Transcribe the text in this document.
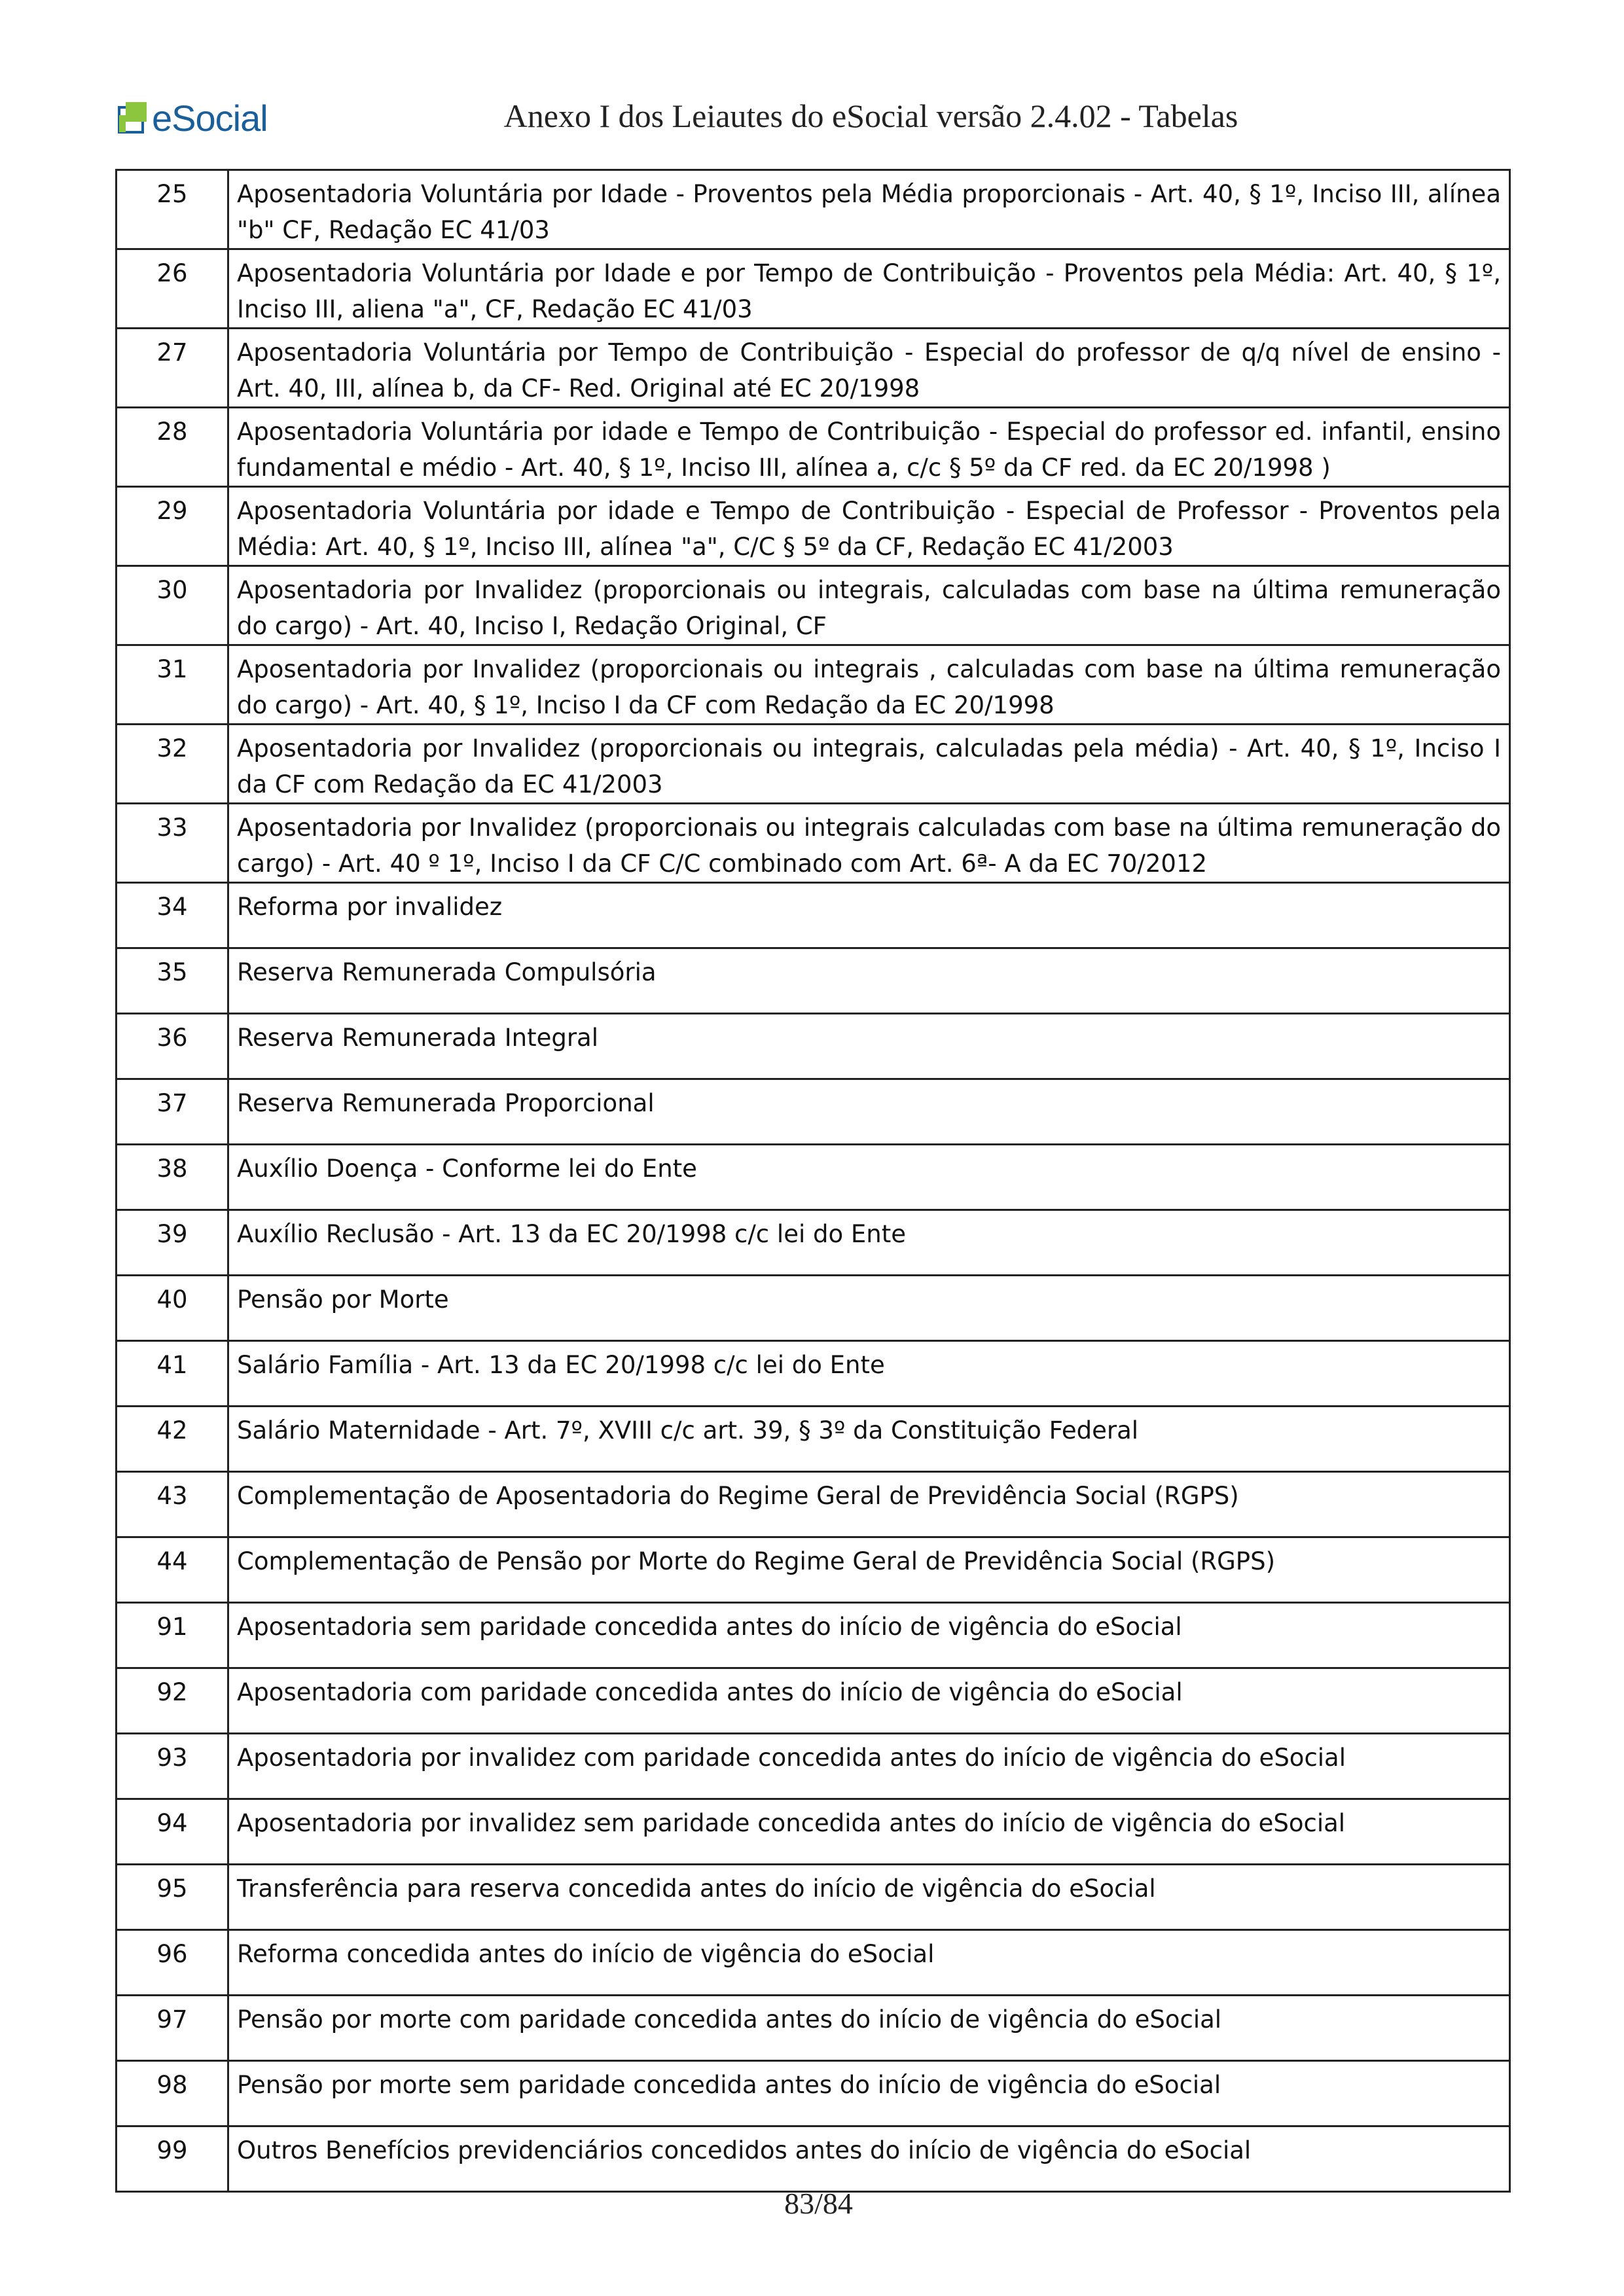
eSocial	Anexo I dos Leiautes do eSocial versão 2.4.02 - Tabelas
25	Aposentadoria Voluntária por Idade - Proventos pela Média proporcionais - Art. 40, § 1º, Inciso III, alínea "b" CF, Redação EC 41/03
26	Aposentadoria Voluntária por Idade e por Tempo de Contribuição - Proventos pela Média: Art. 40, § 1º, Inciso III, aliena "a", CF, Redação EC 41/03
27	Aposentadoria Voluntária por Tempo de Contribuição - Especial do professor de q/q nível de ensino - Art. 40, III, alínea b, da CF- Red. Original até EC 20/1998
28	Aposentadoria Voluntária por idade e Tempo de Contribuição - Especial do professor ed. infantil, ensino fundamental e médio - Art. 40, § 1º, Inciso III, alínea a, c/c § 5º da CF red. da EC 20/1998 )
29	Aposentadoria Voluntária por idade e Tempo de Contribuição - Especial de Professor - Proventos pela Média: Art. 40, § 1º, Inciso III, alínea "a", C/C § 5º da CF, Redação EC 41/2003
30	Aposentadoria por Invalidez (proporcionais ou integrais, calculadas com base na última remuneração do cargo) - Art. 40, Inciso I, Redação Original, CF
31	Aposentadoria por Invalidez (proporcionais ou integrais , calculadas com base na última remuneração do cargo) - Art. 40, § 1º, Inciso I da CF com Redação da EC 20/1998
32	Aposentadoria por Invalidez (proporcionais ou integrais, calculadas pela média) - Art. 40, § 1º, Inciso I da CF com Redação da EC 41/2003
33	Aposentadoria por Invalidez (proporcionais ou integrais calculadas com base na última remuneração do cargo) - Art. 40 º 1º, Inciso I da CF C/C combinado com Art. 6ª- A da EC 70/2012
34	Reforma por invalidez
35	Reserva Remunerada Compulsória
36	Reserva Remunerada Integral
37	Reserva Remunerada Proporcional
38	Auxílio Doença - Conforme lei do Ente
39	Auxílio Reclusão - Art. 13 da EC 20/1998 c/c lei do Ente
40	Pensão por Morte
41	Salário Família - Art. 13 da EC 20/1998 c/c lei do Ente
42	Salário Maternidade - Art. 7º, XVIII c/c art. 39, § 3º da Constituição Federal
43	Complementação de Aposentadoria do Regime Geral de Previdência Social (RGPS)
44	Complementação de Pensão por Morte do Regime Geral de Previdência Social (RGPS)
91	Aposentadoria sem paridade concedida antes do início de vigência do eSocial
92	Aposentadoria com paridade concedida antes do início de vigência do eSocial
93	Aposentadoria por invalidez com paridade concedida antes do início de vigência do eSocial
94	Aposentadoria por invalidez sem paridade concedida antes do início de vigência do eSocial
95	Transferência para reserva concedida antes do início de vigência do eSocial
96	Reforma concedida antes do início de vigência do eSocial
97	Pensão por morte com paridade concedida antes do início de vigência do eSocial
98	Pensão por morte sem paridade concedida antes do início de vigência do eSocial
99	Outros Benefícios previdenciários concedidos antes do início de vigência do eSocial
83/84
